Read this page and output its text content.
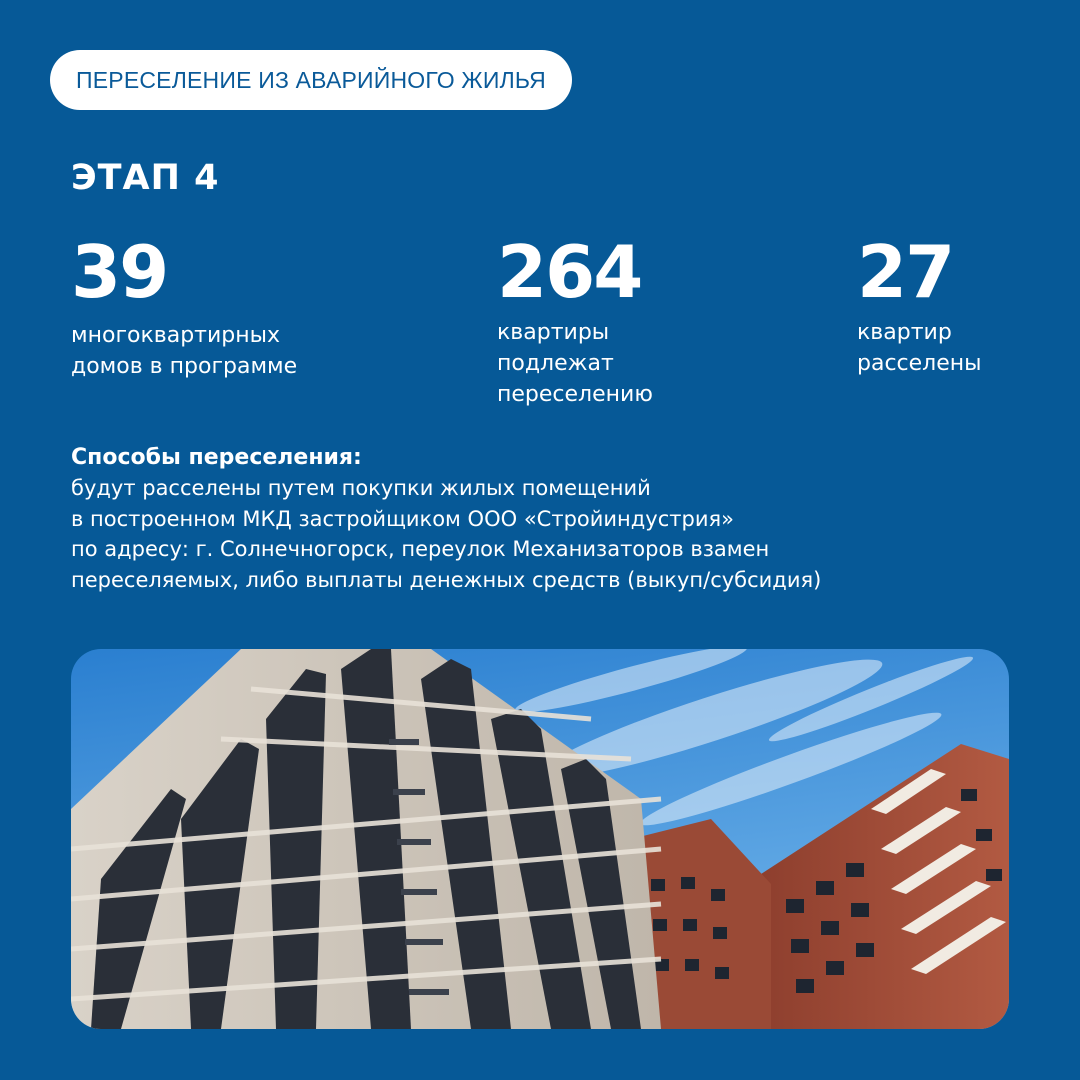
ПЕРЕСЕЛЕНИЕ ИЗ АВАРИЙНОГО ЖИЛЬЯ
ЭТАП 4
39
многоквартирных
домов в программе
264
квартиры
подлежат
переселению
27
квартир
расселены
Способы переселения:
будут расселены путем покупки жилых помещений
в построенном МКД застройщиком ООО «Стройиндустрия»
по адресу: г. Солнечногорск, переулок Механизаторов взамен
переселяемых, либо выплаты денежных средств (выкуп/субсидия)
